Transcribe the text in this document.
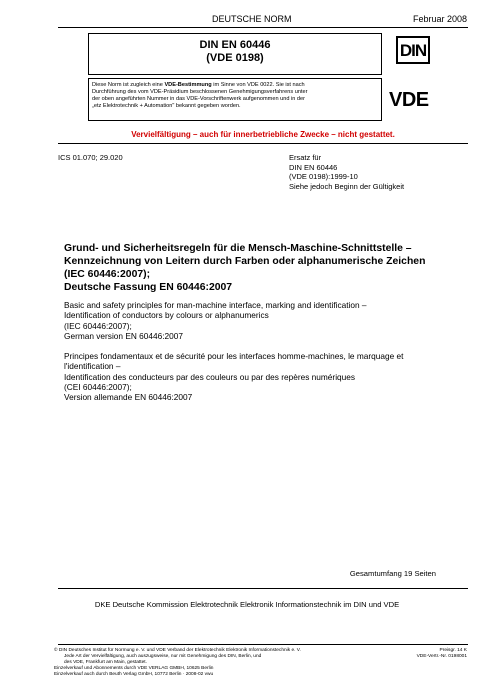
DEUTSCHE NORM	Februar 2008
DIN EN 60446
(VDE 0198)	DIN
Diese Norm ist zugleich eine VDE-Bestimmung im Sinne von VDE 0022. Sie ist nach
Durchführung des vom VDE-Präsidium beschlossenen Genehmigungsverfahrens unter
der oben angeführten Nummer in das VDE-Vorschriftenwerk aufgenommen und in der
„etz Elektrotechnik + Automation" bekannt gegeben worden.	VDE
Vervielfältigung – auch für innerbetriebliche Zwecke – nicht gestattet.
ICS 01.070; 29.020	Ersatz für
DIN EN 60446
(VDE 0198):1999-10
Siehe jedoch Beginn der Gültigkeit
Grund- und Sicherheitsregeln für die Mensch-Maschine-Schnittstelle –
Kennzeichnung von Leitern durch Farben oder alphanumerische Zeichen
(IEC 60446:2007);
Deutsche Fassung EN 60446:2007
Basic and safety principles for man-machine interface, marking and identification –
Identification of conductors by colours or alphanumerics
(IEC 60446:2007);
German version EN 60446:2007
Principes fondamentaux et de sécurité pour les interfaces homme-machines, le marquage et
l'identification –
Identification des conducteurs par des couleurs ou par des repères numériques
(CEI 60446:2007);
Version allemande EN 60446:2007
Gesamtumfang 19 Seiten
DKE Deutsche Kommission Elektrotechnik Elektronik Informationstechnik im DIN und VDE
© DIN Deutsches Institut für Normung e. V. und VDE Verband der Elektrotechnik Elektronik Informationstechnik e. V.
Jede Art der Vervielfältigung, auch auszugsweise, nur mit Genehmigung des DIN, Berlin, und
des VDE, Frankfurt am Main, gestattet.
Einzelverkauf und Abonnements durch VDE VERLAG GMBH, 10625 Berlin
Einzelverkauf auch durch Beuth Verlag GmbH, 10772 Berlin · 2008-02 vwu
Preisgr. 14 K
VDE-Vertr.-Nr. 0198001
